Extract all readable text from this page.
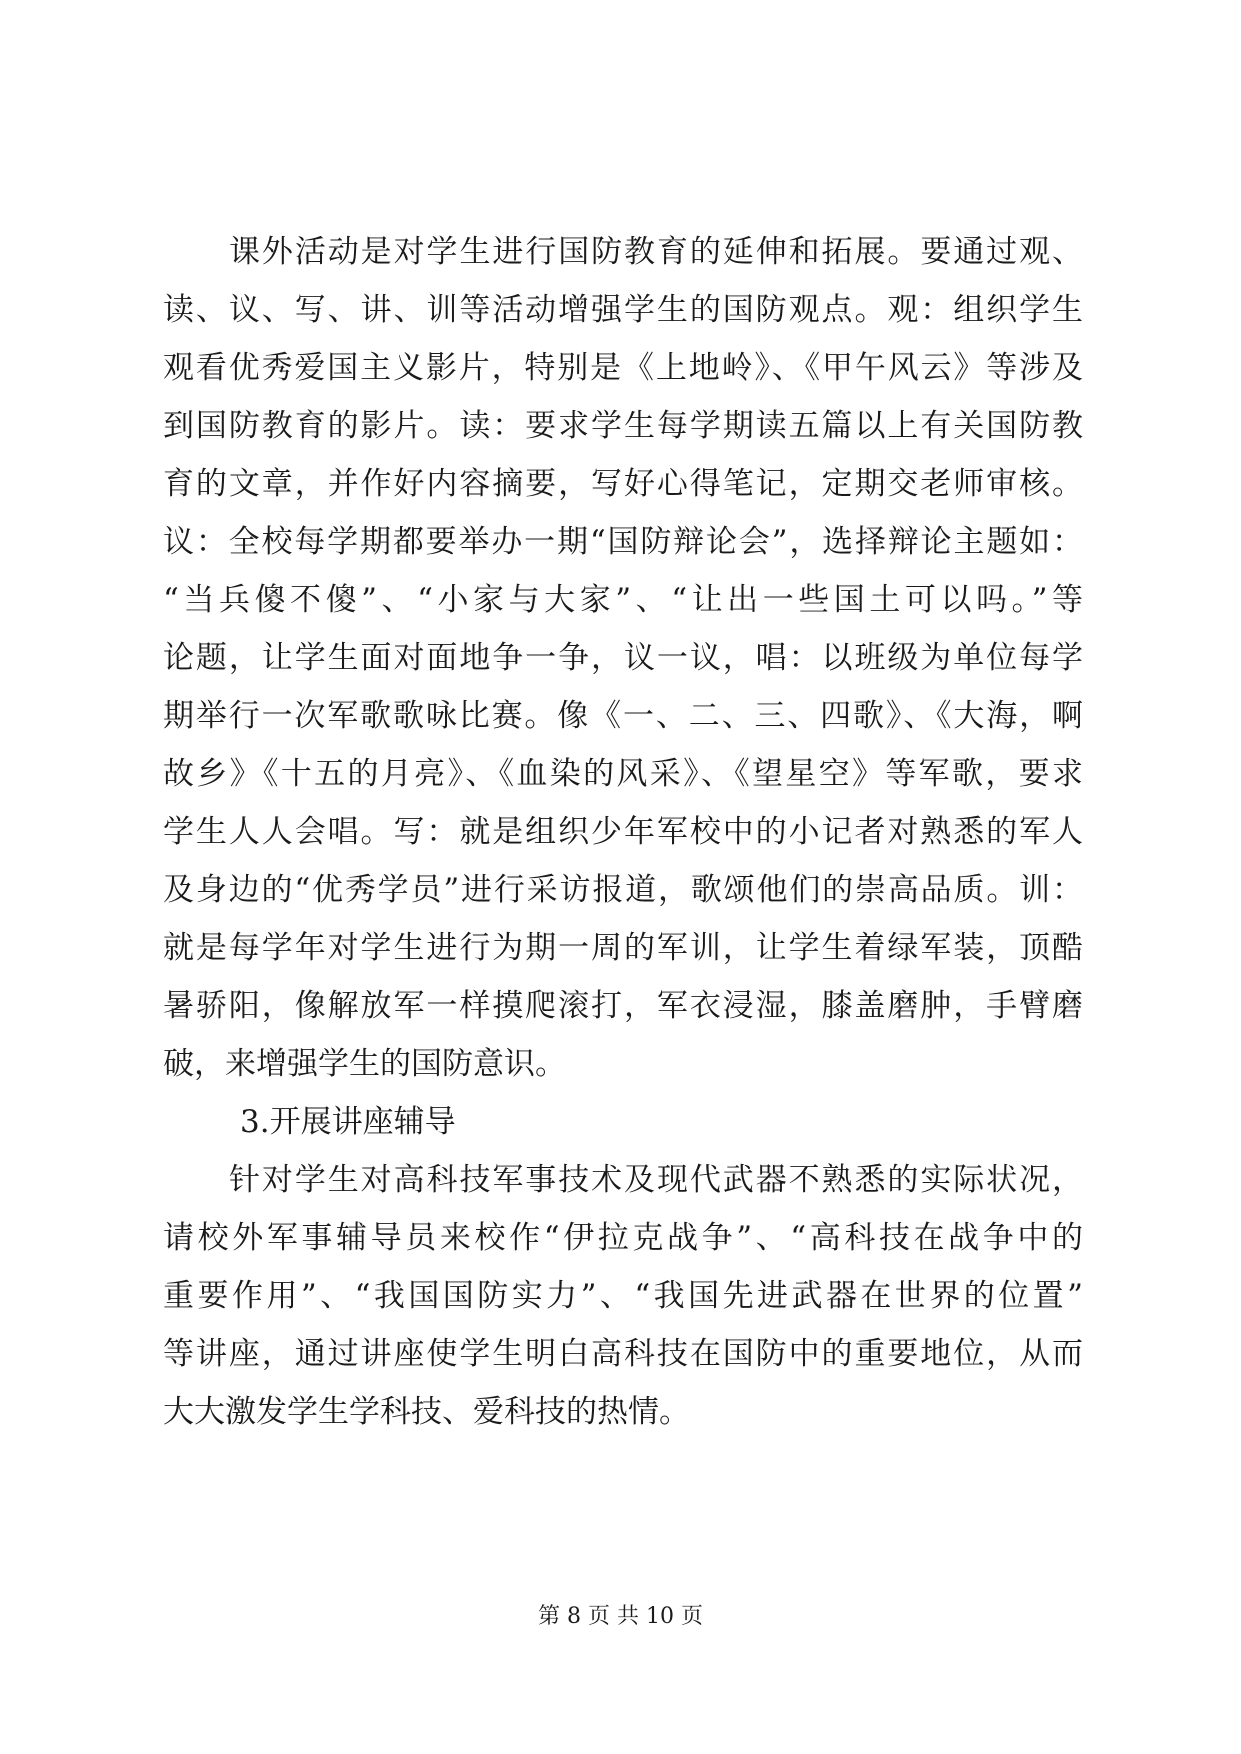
课外活动是对学生进行国防教育的延伸和拓展。要通过观、
读、议、写、讲、训等活动增强学生的国防观点。观：组织学生
观看优秀爱国主义影片，特别是《上地岭》、《甲午风云》等涉及
到国防教育的影片。读：要求学生每学期读五篇以上有关国防教
育的文章，并作好内容摘要，写好心得笔记，定期交老师审核。
议：全校每学期都要举办一期“国防辩论会”，选择辩论主题如：
“当兵傻不傻”、“小家与大家”、“让出一些国土可以吗。”等
论题，让学生面对面地争一争，议一议，唱：以班级为单位每学
期举行一次军歌歌咏比赛。像《一、二、三、四歌》、《大海，啊
故乡》《十五的月亮》、《血染的风采》、《望星空》等军歌，要求
学生人人会唱。写：就是组织少年军校中的小记者对熟悉的军人
及身边的“优秀学员”进行采访报道，歌颂他们的崇高品质。训：
就是每学年对学生进行为期一周的军训，让学生着绿军装，顶酷
暑骄阳，像解放军一样摸爬滚打，军衣浸湿，膝盖磨肿，手臂磨
破，来增强学生的国防意识。
3.开展讲座辅导
针对学生对高科技军事技术及现代武器不熟悉的实际状况，
请校外军事辅导员来校作“伊拉克战争”、“高科技在战争中的
重要作用”、“我国国防实力”、“我国先进武器在世界的位置”
等讲座，通过讲座使学生明白高科技在国防中的重要地位，从而
大大激发学生学科技、爱科技的热情。
第 8 页 共 10 页
